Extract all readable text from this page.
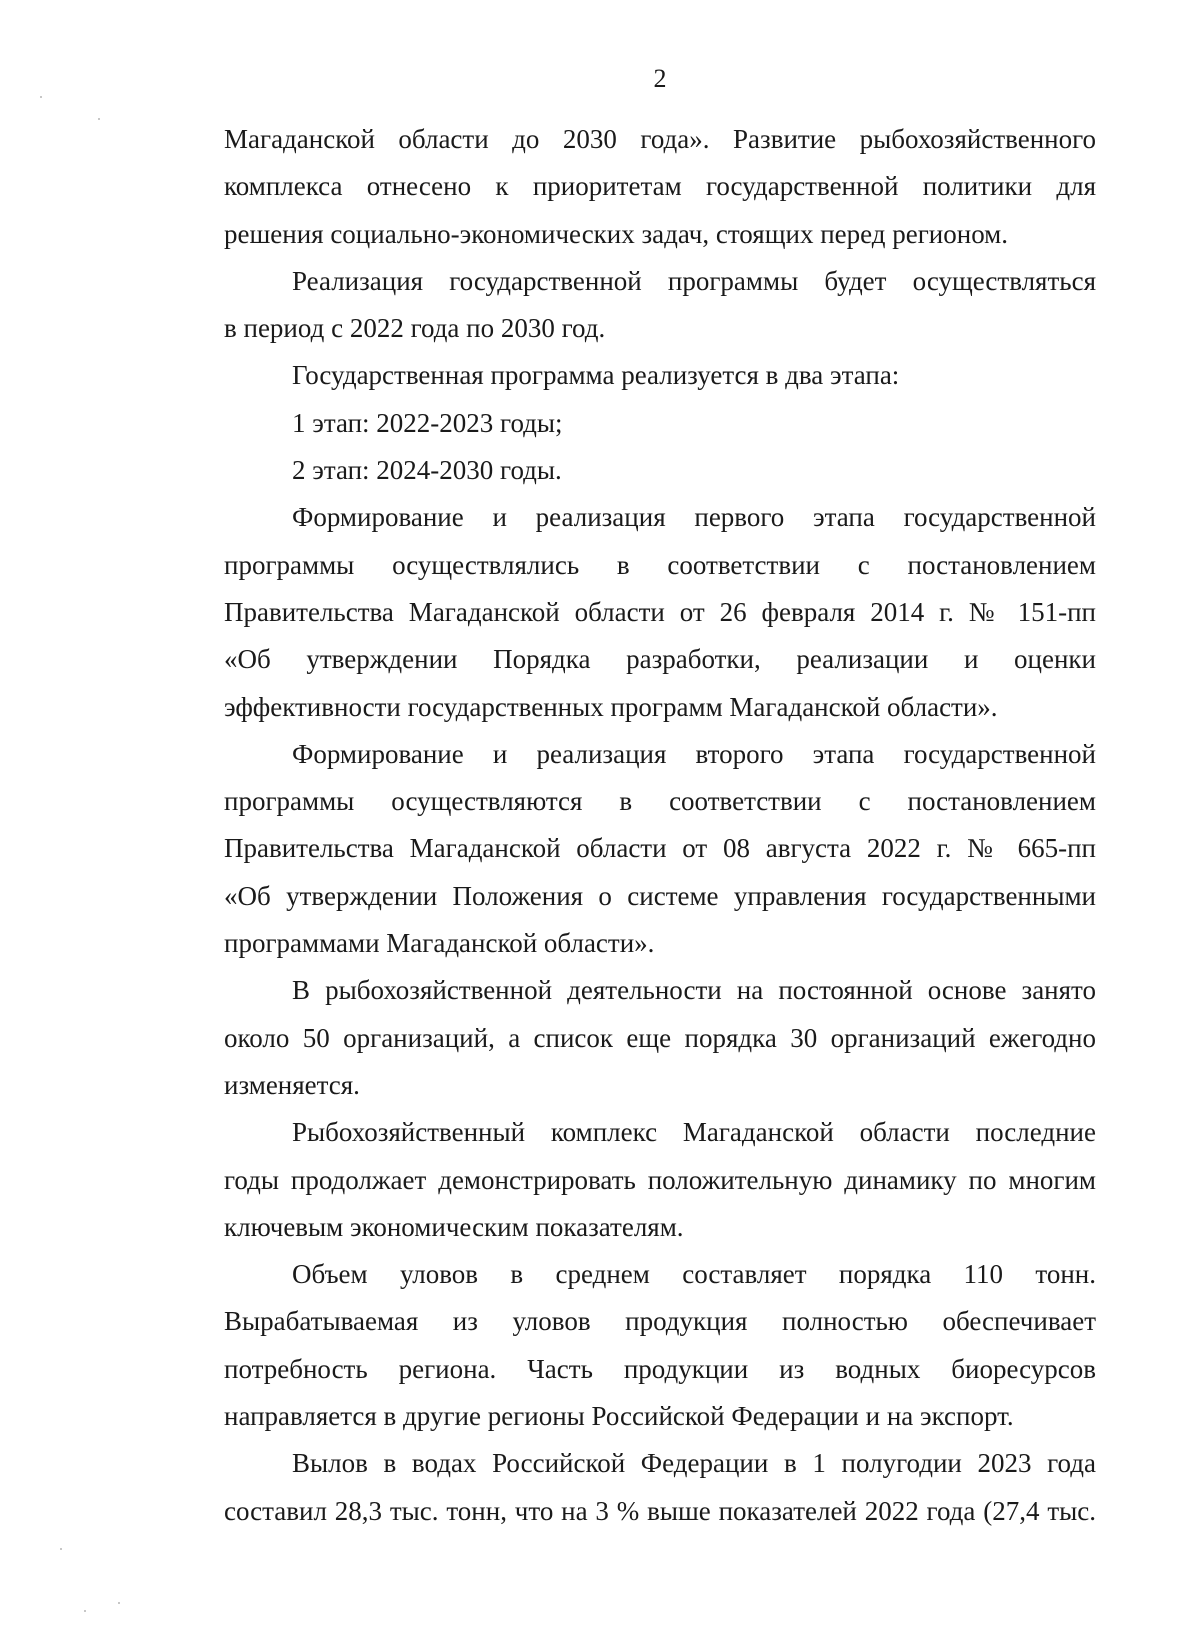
2
Магаданской области до 2030 года». Развитие рыбохозяйственного
комплекса отнесено к приоритетам государственной политики для
решения социально-экономических задач, стоящих перед регионом.
Реализация государственной программы будет осуществляться
в период с 2022 года по 2030 год.
Государственная программа реализуется в два этапа:
1 этап: 2022-2023 годы;
2 этап: 2024-2030 годы.
Формирование и реализация первого этапа государственной
программы осуществлялись в соответствии с постановлением
Правительства Магаданской области от 26 февраля 2014 г. № 151-пп
«Об утверждении Порядка разработки, реализации и оценки
эффективности государственных программ Магаданской области».
Формирование и реализация второго этапа государственной
программы осуществляются в соответствии с постановлением
Правительства Магаданской области от 08 августа 2022 г. № 665-пп
«Об утверждении Положения о системе управления государственными
программами Магаданской области».
В рыбохозяйственной деятельности на постоянной основе занято
около 50 организаций, а список еще порядка 30 организаций ежегодно
изменяется.
Рыбохозяйственный комплекс Магаданской области последние
годы продолжает демонстрировать положительную динамику по многим
ключевым экономическим показателям.
Объем уловов в среднем составляет порядка 110 тонн.
Вырабатываемая из уловов продукция полностью обеспечивает
потребность региона. Часть продукции из водных биоресурсов
направляется в другие регионы Российской Федерации и на экспорт.
Вылов в водах Российской Федерации в 1 полугодии 2023 года
составил 28,3 тыс. тонн, что на 3 % выше показателей 2022 года (27,4 тыс.
